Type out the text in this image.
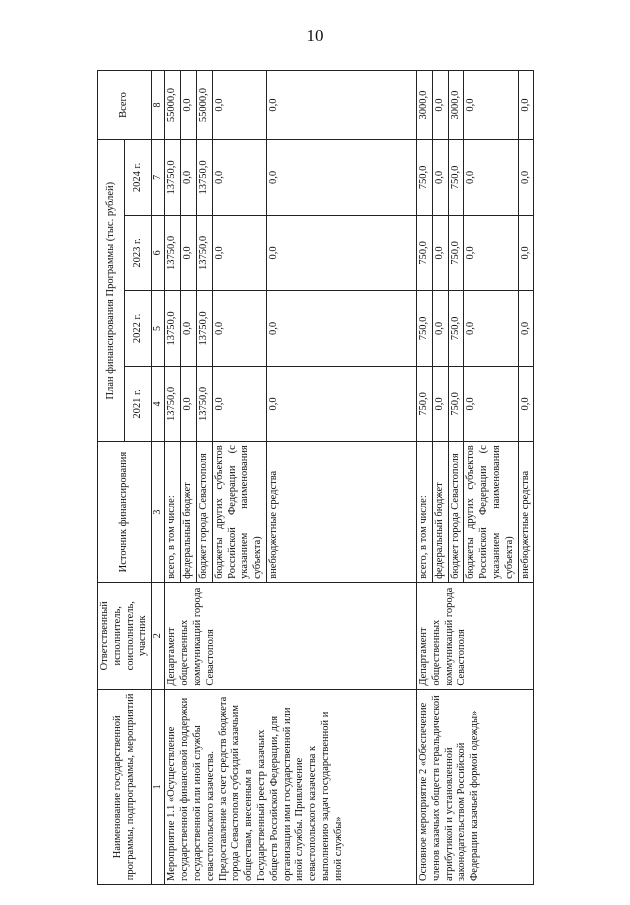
10
Наименование государственной программы, подпрограммы, мероприятий	Ответственный исполнитель, соисполнитель, участник	Источник финансирования	План финансирования Программы (тыс. рублей)				Всего
			2021 г.	2022 г.	2023 г.	2024 г.	
1	2	3	4	5	6	7	8
Мероприятие 1.1 «Осуществление государственной финансовой поддержки государственной или иной службы севастопольского казачества. Предоставление за счет средств бюджета города Севастополя субсидий казачьим обществам, внесенным в Государственный реестр казачьих обществ Российской Федерации, для организации ими государственной или иной службы. Привлечение севастопольского казачества к выполнению задач государственной и иной службы»	Департамент общественных коммуникаций города Севастополя	всего, в том числе:	13750,0	13750,0	13750,0	13750,0	55000,0
		федеральный бюджет	0,0	0,0	0,0	0,0	0,0
		бюджет города Севастополя	13750,0	13750,0	13750,0	13750,0	55000,0
		бюджеты других субъектов Российской Федерации (с указанием наименования субъекта)	0,0	0,0	0,0	0,0	0,0
		внебюджетные средства	0,0	0,0	0,0	0,0	0,0
Основное мероприятие 2 «Обеспечение членов казачьих обществ геральдической атрибутикой и установленной законодательством Российской Федерации казачьей формой одежды»	Департамент общественных коммуникаций города Севастополя	всего, в том числе:	750,0	750,0	750,0	750,0	3000,0
		федеральный бюджет	0,0	0,0	0,0	0,0	0,0
		бюджет города Севастополя	750,0	750,0	750,0	750,0	3000,0
		бюджеты других субъектов Российской Федерации (с указанием наименования субъекта)	0,0	0,0	0,0	0,0	0,0
		внебюджетные средства	0,0	0,0	0,0	0,0	0,0
